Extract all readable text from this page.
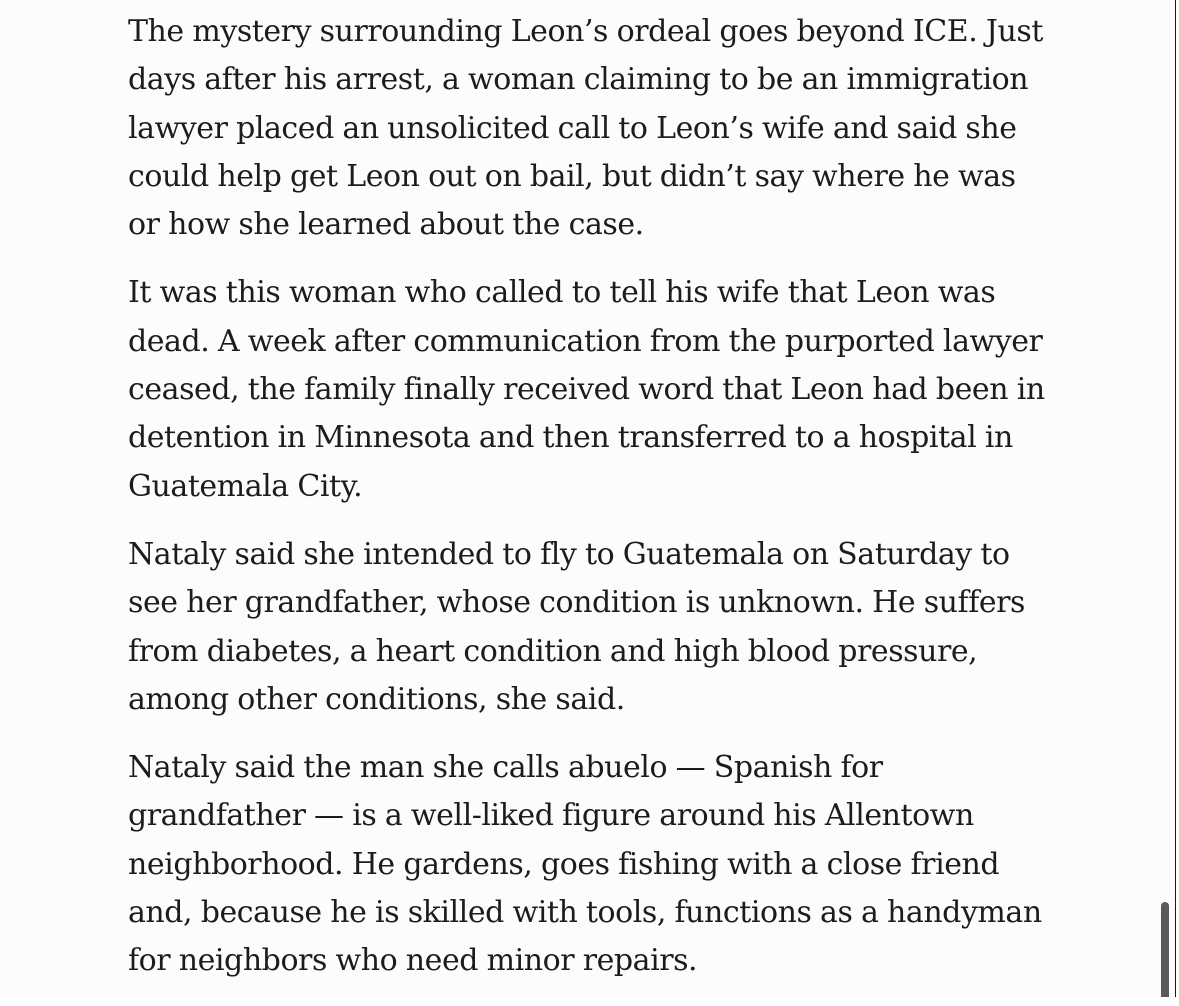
The mystery surrounding Leon’s ordeal goes beyond ICE. Just days after his arrest, a woman claiming to be an immigration lawyer placed an unsolicited call to Leon’s wife and said she could help get Leon out on bail, but didn’t say where he was or how she learned about the case.

It was this woman who called to tell his wife that Leon was dead. A week after communication from the purported lawyer ceased, the family finally received word that Leon had been in detention in Minnesota and then transferred to a hospital in Guatemala City.

Nataly said she intended to fly to Guatemala on Saturday to see her grandfather, whose condition is unknown. He suffers from diabetes, a heart condition and high blood pressure, among other conditions, she said.

Nataly said the man she calls abuelo — Spanish for grandfather — is a well-liked figure around his Allentown neighborhood. He gardens, goes fishing with a close friend and, because he is skilled with tools, functions as a handyman for neighbors who need minor repairs.
